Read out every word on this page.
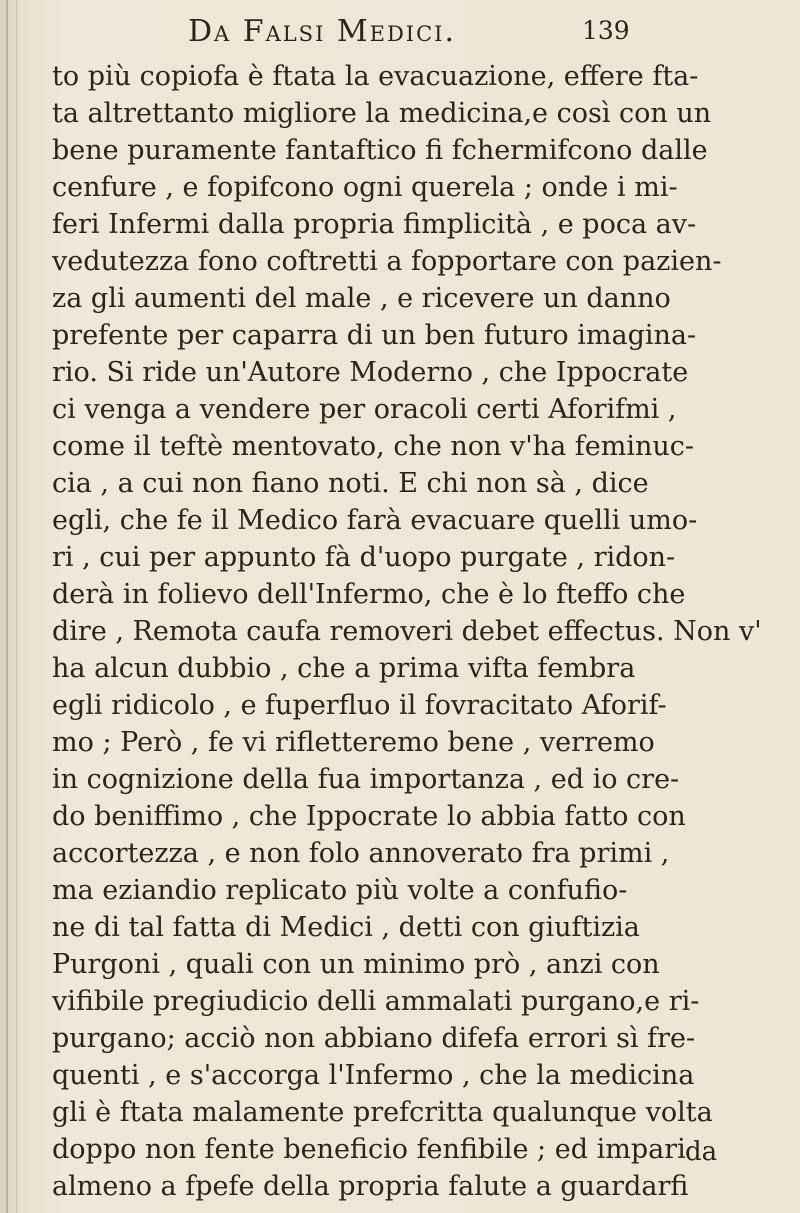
Da Falsi Medici.	139
to più copiofa è ftata la evacuazione, effere fta-
ta altrettanto migliore la medicina,e così con un
bene puramente fantaftico fi fchermifcono dalle
cenfure , e fopifcono ogni querela ; onde i mi-
feri Infermi dalla propria fimplicità , e poca av-
vedutezza fono coftretti a fopportare con pazien-
za gli aumenti del male , e ricevere un danno
prefente per caparra di un ben futuro imagina-
rio. Si ride un'Autore Moderno , che Ippocrate
ci venga a vendere per oracoli certi Aforifmi ,
come il teftè mentovato, che non v'ha feminuc-
cia , a cui non fiano noti. E chi non sà , dice
egli, che fe il Medico farà evacuare quelli umo-
ri , cui per appunto fà d'uopo purgate , ridon-
derà in folievo dell'Infermo, che è lo fteffo che
dire , Remota caufa removeri debet effectus. Non v'
ha alcun dubbio , che a prima vifta fembra
egli ridicolo , e fuperfluo il fovracitato Aforif-
mo ; Però , fe vi rifletteremo bene , verremo
in cognizione della fua importanza , ed io cre-
do beniffimo , che Ippocrate lo abbia fatto con
accortezza , e non folo annoverato fra primi ,
ma eziandio replicato più volte a confufio-
ne di tal fatta di Medici , detti con giuftizia
Purgoni , quali con un minimo prò , anzi con
vifibile pregiudicio delli ammalati purgano,e ri-
purgano; acciò non abbiano difefa errori sì fre-
quenti , e s'accorga l'Infermo , che la medicina
gli è ftata malamente prefcritta qualunque volta
doppo non fente beneficio fenfibile ; ed impari
almeno a fpefe della propria falute a guardarfi
da
